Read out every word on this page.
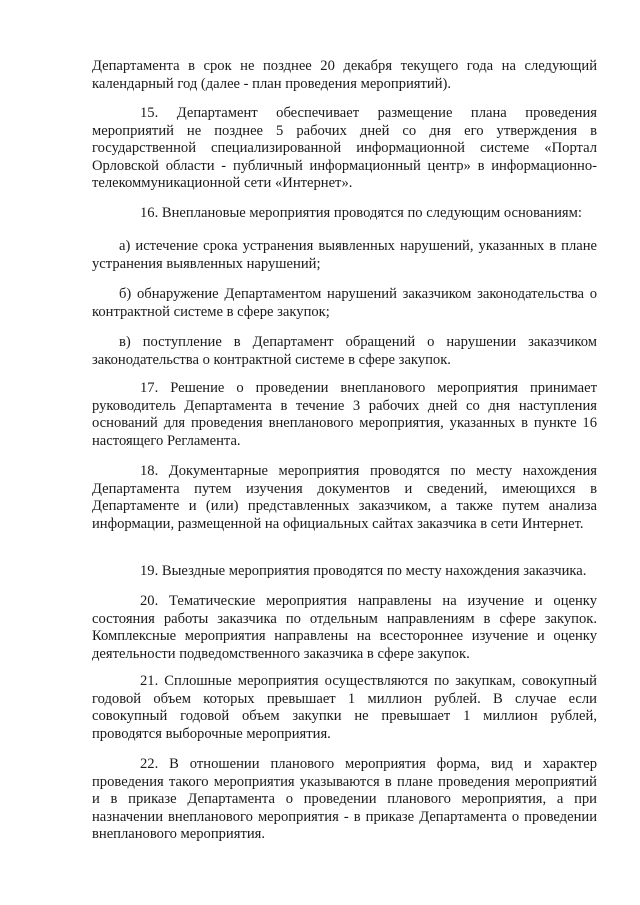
Департамента в срок не позднее 20 декабря текущего года на следующий календарный год (далее - план проведения мероприятий).

15. Департамент обеспечивает размещение плана проведения мероприятий не позднее 5 рабочих дней со дня его утверждения в государственной специализированной информационной системе «Портал Орловской области - публичный информационный центр» в информационно-телекоммуникационной сети «Интернет».

16. Внеплановые мероприятия проводятся по следующим основаниям:

а) истечение срока устранения выявленных нарушений, указанных в плане устранения выявленных нарушений;

б) обнаружение Департаментом нарушений заказчиком законодательства о контрактной системе в сфере закупок;

в) поступление в Департамент обращений о нарушении заказчиком законодательства о контрактной системе в сфере закупок.

17. Решение о проведении внепланового мероприятия принимает руководитель Департамента в течение 3 рабочих дней со дня наступления оснований для проведения внепланового мероприятия, указанных в пункте 16 настоящего Регламента.

18. Документарные мероприятия проводятся по месту нахождения Департамента путем изучения документов и сведений, имеющихся в Департаменте и (или) представленных заказчиком, а также путем анализа информации, размещенной на официальных сайтах заказчика в сети Интернет.

19. Выездные мероприятия проводятся по месту нахождения заказчика.

20. Тематические мероприятия направлены на изучение и оценку состояния работы заказчика по отдельным направлениям в сфере закупок. Комплексные мероприятия направлены на всестороннее изучение и оценку деятельности подведомственного заказчика в сфере закупок.

21. Сплошные мероприятия осуществляются по закупкам, совокупный годовой объем которых превышает 1 миллион рублей. В случае если совокупный годовой объем закупки не превышает 1 миллион рублей, проводятся выборочные мероприятия.

22. В отношении планового мероприятия форма, вид и характер проведения такого мероприятия указываются в плане проведения мероприятий и в приказе Департамента о проведении планового мероприятия, а при назначении внепланового мероприятия - в приказе Департамента о проведении внепланового мероприятия.
